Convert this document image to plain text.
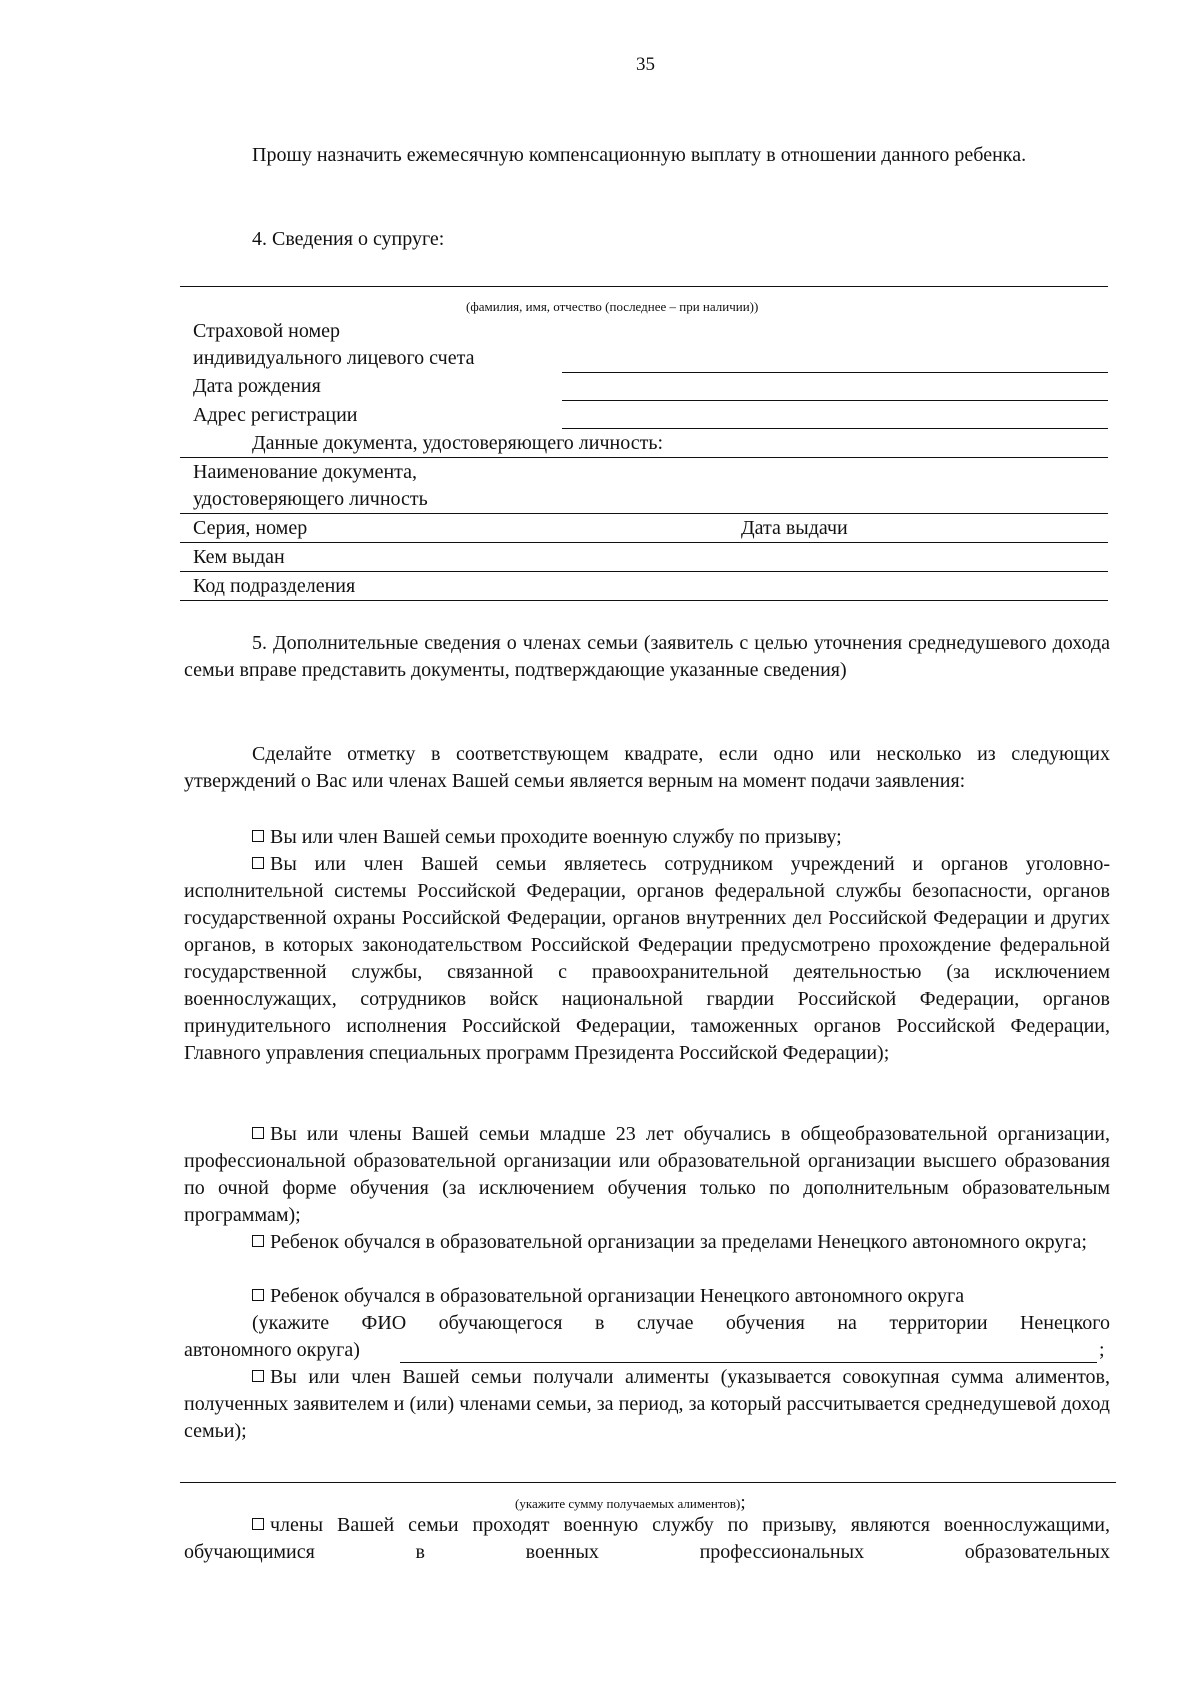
35
Прошу назначить ежемесячную компенсационную выплату в отношении данного ребенка.
4. Сведения о супруге:
(фамилия, имя, отчество (последнее – при наличии))
Страховой номер
индивидуального лицевого счета
Дата рождения
Адрес регистрации
Данные документа, удостоверяющего личность:
Наименование документа,
удостоверяющего личность
Серия, номер	Дата выдачи
Кем выдан
Код подразделения
5. Дополнительные сведения о членах семьи (заявитель с целью уточнения среднедушевого дохода семьи вправе представить документы, подтверждающие указанные сведения)
Сделайте отметку в соответствующем квадрате, если одно или несколько из следующих утверждений о Вас или членах Вашей семьи является верным на момент подачи заявления:
Вы или член Вашей семьи проходите военную службу по призыву;
Вы или член Вашей семьи являетесь сотрудником учреждений и органов уголовно-исполнительной системы Российской Федерации, органов федеральной службы безопасности, органов государственной охраны Российской Федерации, органов внутренних дел Российской Федерации и других органов, в которых законодательством Российской Федерации предусмотрено прохождение федеральной государственной службы, связанной с правоохранительной деятельностью (за исключением военнослужащих, сотрудников войск национальной гвардии Российской Федерации, органов принудительного исполнения Российской Федерации, таможенных органов Российской Федерации, Главного управления специальных программ Президента Российской Федерации);
Вы или члены Вашей семьи младше 23 лет обучались в общеобразовательной организации, профессиональной образовательной организации или образовательной организации высшего образования по очной форме обучения (за исключением обучения только по дополнительным образовательным программам);
Ребенок обучался в образовательной организации за пределами Ненецкого автономного округа;
Ребенок обучался в образовательной организации Ненецкого автономного округа
(укажите ФИО обучающегося в случае обучения на территории Ненецкого
автономного округа)	;
Вы или член Вашей семьи получали алименты (указывается совокупная сумма алиментов, полученных заявителем и (или) членами семьи, за период, за который рассчитывается среднедушевой доход семьи);
(укажите сумму получаемых алиментов);
члены Вашей семьи проходят военную службу по призыву, являются военнослужащими, обучающимися в военных профессиональных образовательных
